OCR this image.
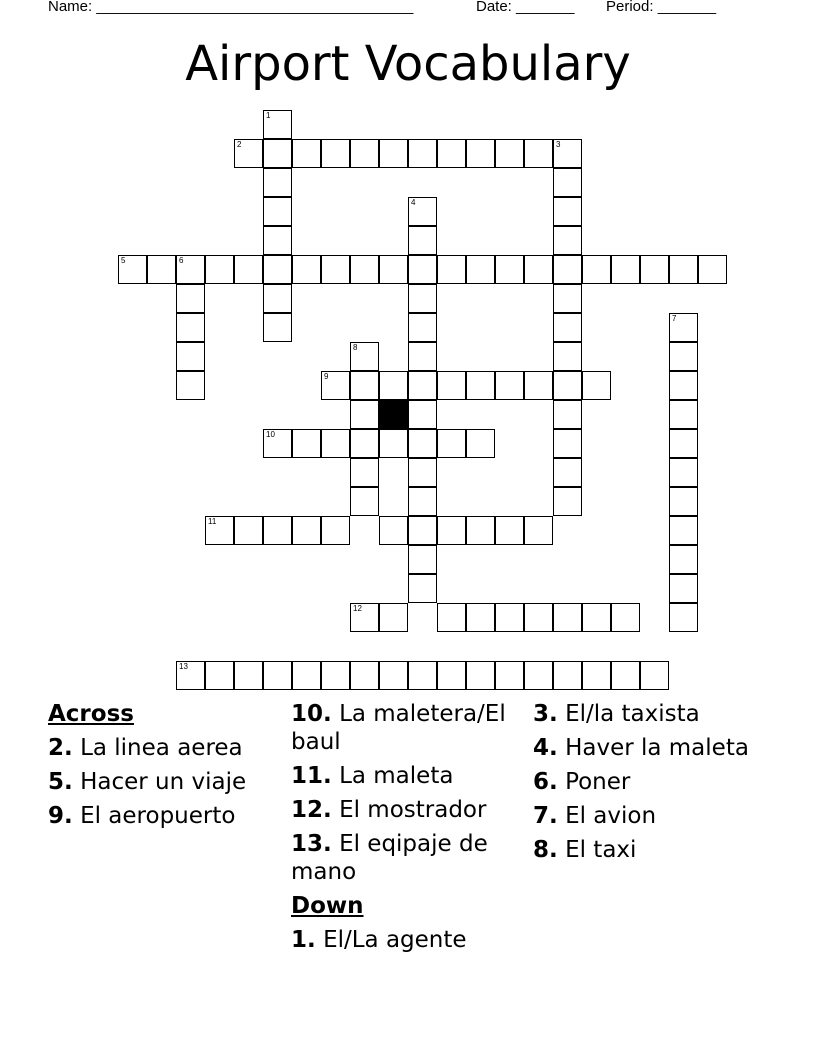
Name: ______________________________________	Date: _______ Period: _______
Airport Vocabulary
5	6
2
1
3
4
7
8
9
10
11
12
13
Across
2. La linea aerea
5. Hacer un viaje
9. El aeropuerto
10. La maletera/El baul
11. La maleta
12. El mostrador
13. El eqipaje de mano
Down
1. El/La agente
3. El/la taxista
4. Haver la maleta
6. Poner
7. El avion
8. El taxi
